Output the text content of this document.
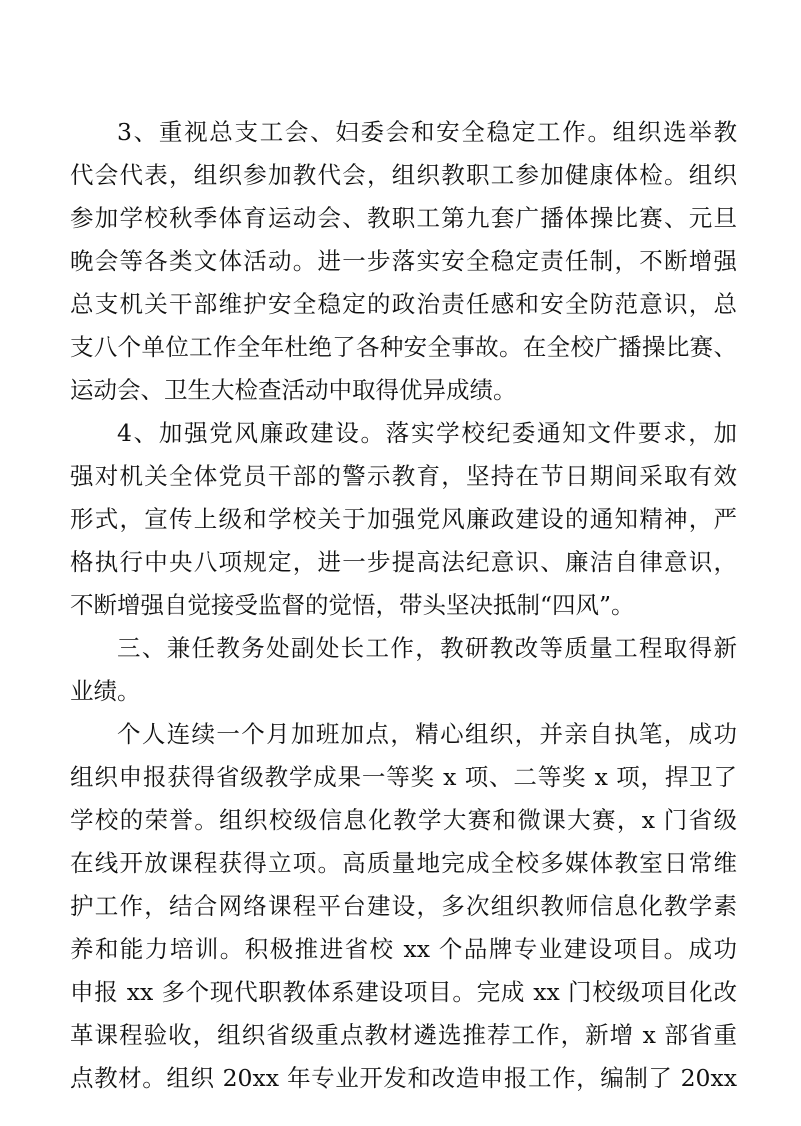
3、重视总支工会、妇委会和安全稳定工作。组织选举教
代会代表，组织参加教代会，组织教职工参加健康体检。组织
参加学校秋季体育运动会、教职工第九套广播体操比赛、元旦
晚会等各类文体活动。进一步落实安全稳定责任制，不断增强
总支机关干部维护安全稳定的政治责任感和安全防范意识，总
支八个单位工作全年杜绝了各种安全事故。在全校广播操比赛、
运动会、卫生大检查活动中取得优异成绩。
4、加强党风廉政建设。落实学校纪委通知文件要求，加
强对机关全体党员干部的警示教育，坚持在节日期间采取有效
形式，宣传上级和学校关于加强党风廉政建设的通知精神，严
格执行中央八项规定，进一步提高法纪意识、廉洁自律意识，
不断增强自觉接受监督的觉悟，带头坚决抵制“四风”。
三、兼任教务处副处长工作，教研教改等质量工程取得新
业绩。
个人连续一个月加班加点，精心组织，并亲自执笔，成功
组织申报获得省级教学成果一等奖 x 项、二等奖 x 项，捍卫了
学校的荣誉。组织校级信息化教学大赛和微课大赛，x 门省级
在线开放课程获得立项。高质量地完成全校多媒体教室日常维
护工作，结合网络课程平台建设，多次组织教师信息化教学素
养和能力培训。积极推进省校 xx 个品牌专业建设项目。成功
申报 xx 多个现代职教体系建设项目。完成 xx 门校级项目化改
革课程验收，组织省级重点教材遴选推荐工作，新增 x 部省重
点教材。组织 20xx 年专业开发和改造申报工作，编制了 20xx
